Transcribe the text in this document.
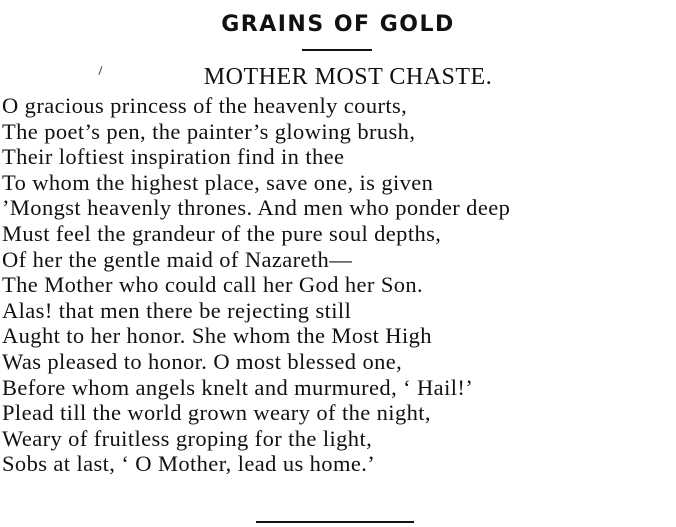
GRAINS OF GOLD
MOTHER MOST CHASTE.
O gracious princess of the heavenly courts,
The poet’s pen, the painter’s glowing brush,
Their loftiest inspiration find in thee
To whom the highest place, save one, is given
’Mongst heavenly thrones. And men who ponder deep
Must feel the grandeur of the pure soul depths,
Of her the gentle maid of Nazareth—
The Mother who could call her God her Son.
Alas! that men there be rejecting still
Aught to her honor. She whom the Most High
Was pleased to honor. O most blessed one,
Before whom angels knelt and murmured, ‘ Hail!’
Plead till the world grown weary of the night,
Weary of fruitless groping for the light,
Sobs at last, ‘ O Mother, lead us home.’
